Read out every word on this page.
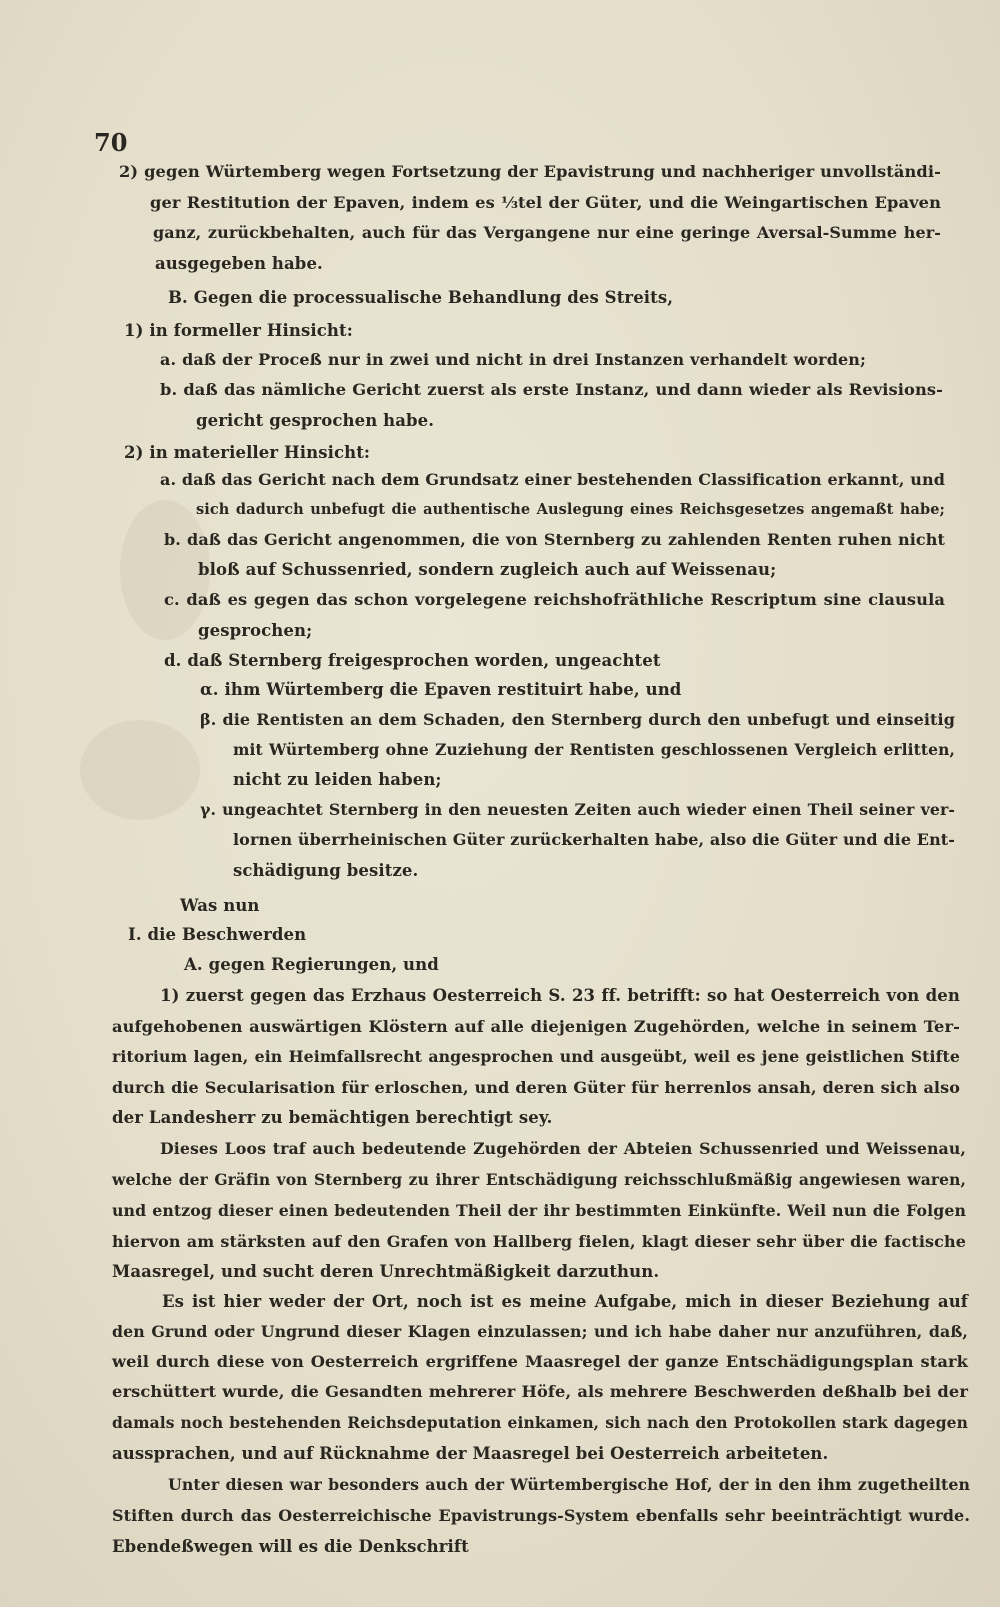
70
2) gegen Würtemberg wegen Fortsetzung der Epavistrung und nachheriger unvollständi-
ger Restitution der Epaven, indem es ⅓tel der Güter, und die Weingartischen Epaven
ganz, zurückbehalten, auch für das Vergangene nur eine geringe Aversal-Summe her-
ausgegeben habe.
B. Gegen die processualische Behandlung des Streits,
1) in formeller Hinsicht:
a. daß der Proceß nur in zwei und nicht in drei Instanzen verhandelt worden;
b. daß das nämliche Gericht zuerst als erste Instanz, und dann wieder als Revisions-
gericht gesprochen habe.
2) in materieller Hinsicht:
a. daß das Gericht nach dem Grundsatz einer bestehenden Classification erkannt, und
sich dadurch unbefugt die authentische Auslegung eines Reichsgesetzes angemaßt habe;
b. daß das Gericht angenommen, die von Sternberg zu zahlenden Renten ruhen nicht
bloß auf Schussenried, sondern zugleich auch auf Weissenau;
c. daß es gegen das schon vorgelegene reichshofräthliche Rescriptum sine clausula
gesprochen;
d. daß Sternberg freigesprochen worden, ungeachtet
α. ihm Würtemberg die Epaven restituirt habe, und
β. die Rentisten an dem Schaden, den Sternberg durch den unbefugt und einseitig
mit Würtemberg ohne Zuziehung der Rentisten geschlossenen Vergleich erlitten,
nicht zu leiden haben;
γ. ungeachtet Sternberg in den neuesten Zeiten auch wieder einen Theil seiner ver-
lornen überrheinischen Güter zurückerhalten habe, also die Güter und die Ent-
schädigung besitze.
Was nun
I. die Beschwerden
A. gegen Regierungen, und
1) zuerst gegen das Erzhaus Oesterreich S. 23 ff. betrifft: so hat Oesterreich von den
aufgehobenen auswärtigen Klöstern auf alle diejenigen Zugehörden, welche in seinem Ter-
ritorium lagen, ein Heimfallsrecht angesprochen und ausgeübt, weil es jene geistlichen Stifte
durch die Secularisation für erloschen, und deren Güter für herrenlos ansah, deren sich also
der Landesherr zu bemächtigen berechtigt sey.
Dieses Loos traf auch bedeutende Zugehörden der Abteien Schussenried und Weissenau,
welche der Gräfin von Sternberg zu ihrer Entschädigung reichsschlußmäßig angewiesen waren,
und entzog dieser einen bedeutenden Theil der ihr bestimmten Einkünfte. Weil nun die Folgen
hiervon am stärksten auf den Grafen von Hallberg fielen, klagt dieser sehr über die factische
Maasregel, und sucht deren Unrechtmäßigkeit darzuthun.
Es ist hier weder der Ort, noch ist es meine Aufgabe, mich in dieser Beziehung auf
den Grund oder Ungrund dieser Klagen einzulassen; und ich habe daher nur anzuführen, daß,
weil durch diese von Oesterreich ergriffene Maasregel der ganze Entschädigungsplan stark
erschüttert wurde, die Gesandten mehrerer Höfe, als mehrere Beschwerden deßhalb bei der
damals noch bestehenden Reichsdeputation einkamen, sich nach den Protokollen stark dagegen
aussprachen, und auf Rücknahme der Maasregel bei Oesterreich arbeiteten.
Unter diesen war besonders auch der Würtembergische Hof, der in den ihm zugetheilten
Stiften durch das Oesterreichische Epavistrungs-System ebenfalls sehr beeinträchtigt wurde.
Ebendeßwegen will es die Denkschrift
